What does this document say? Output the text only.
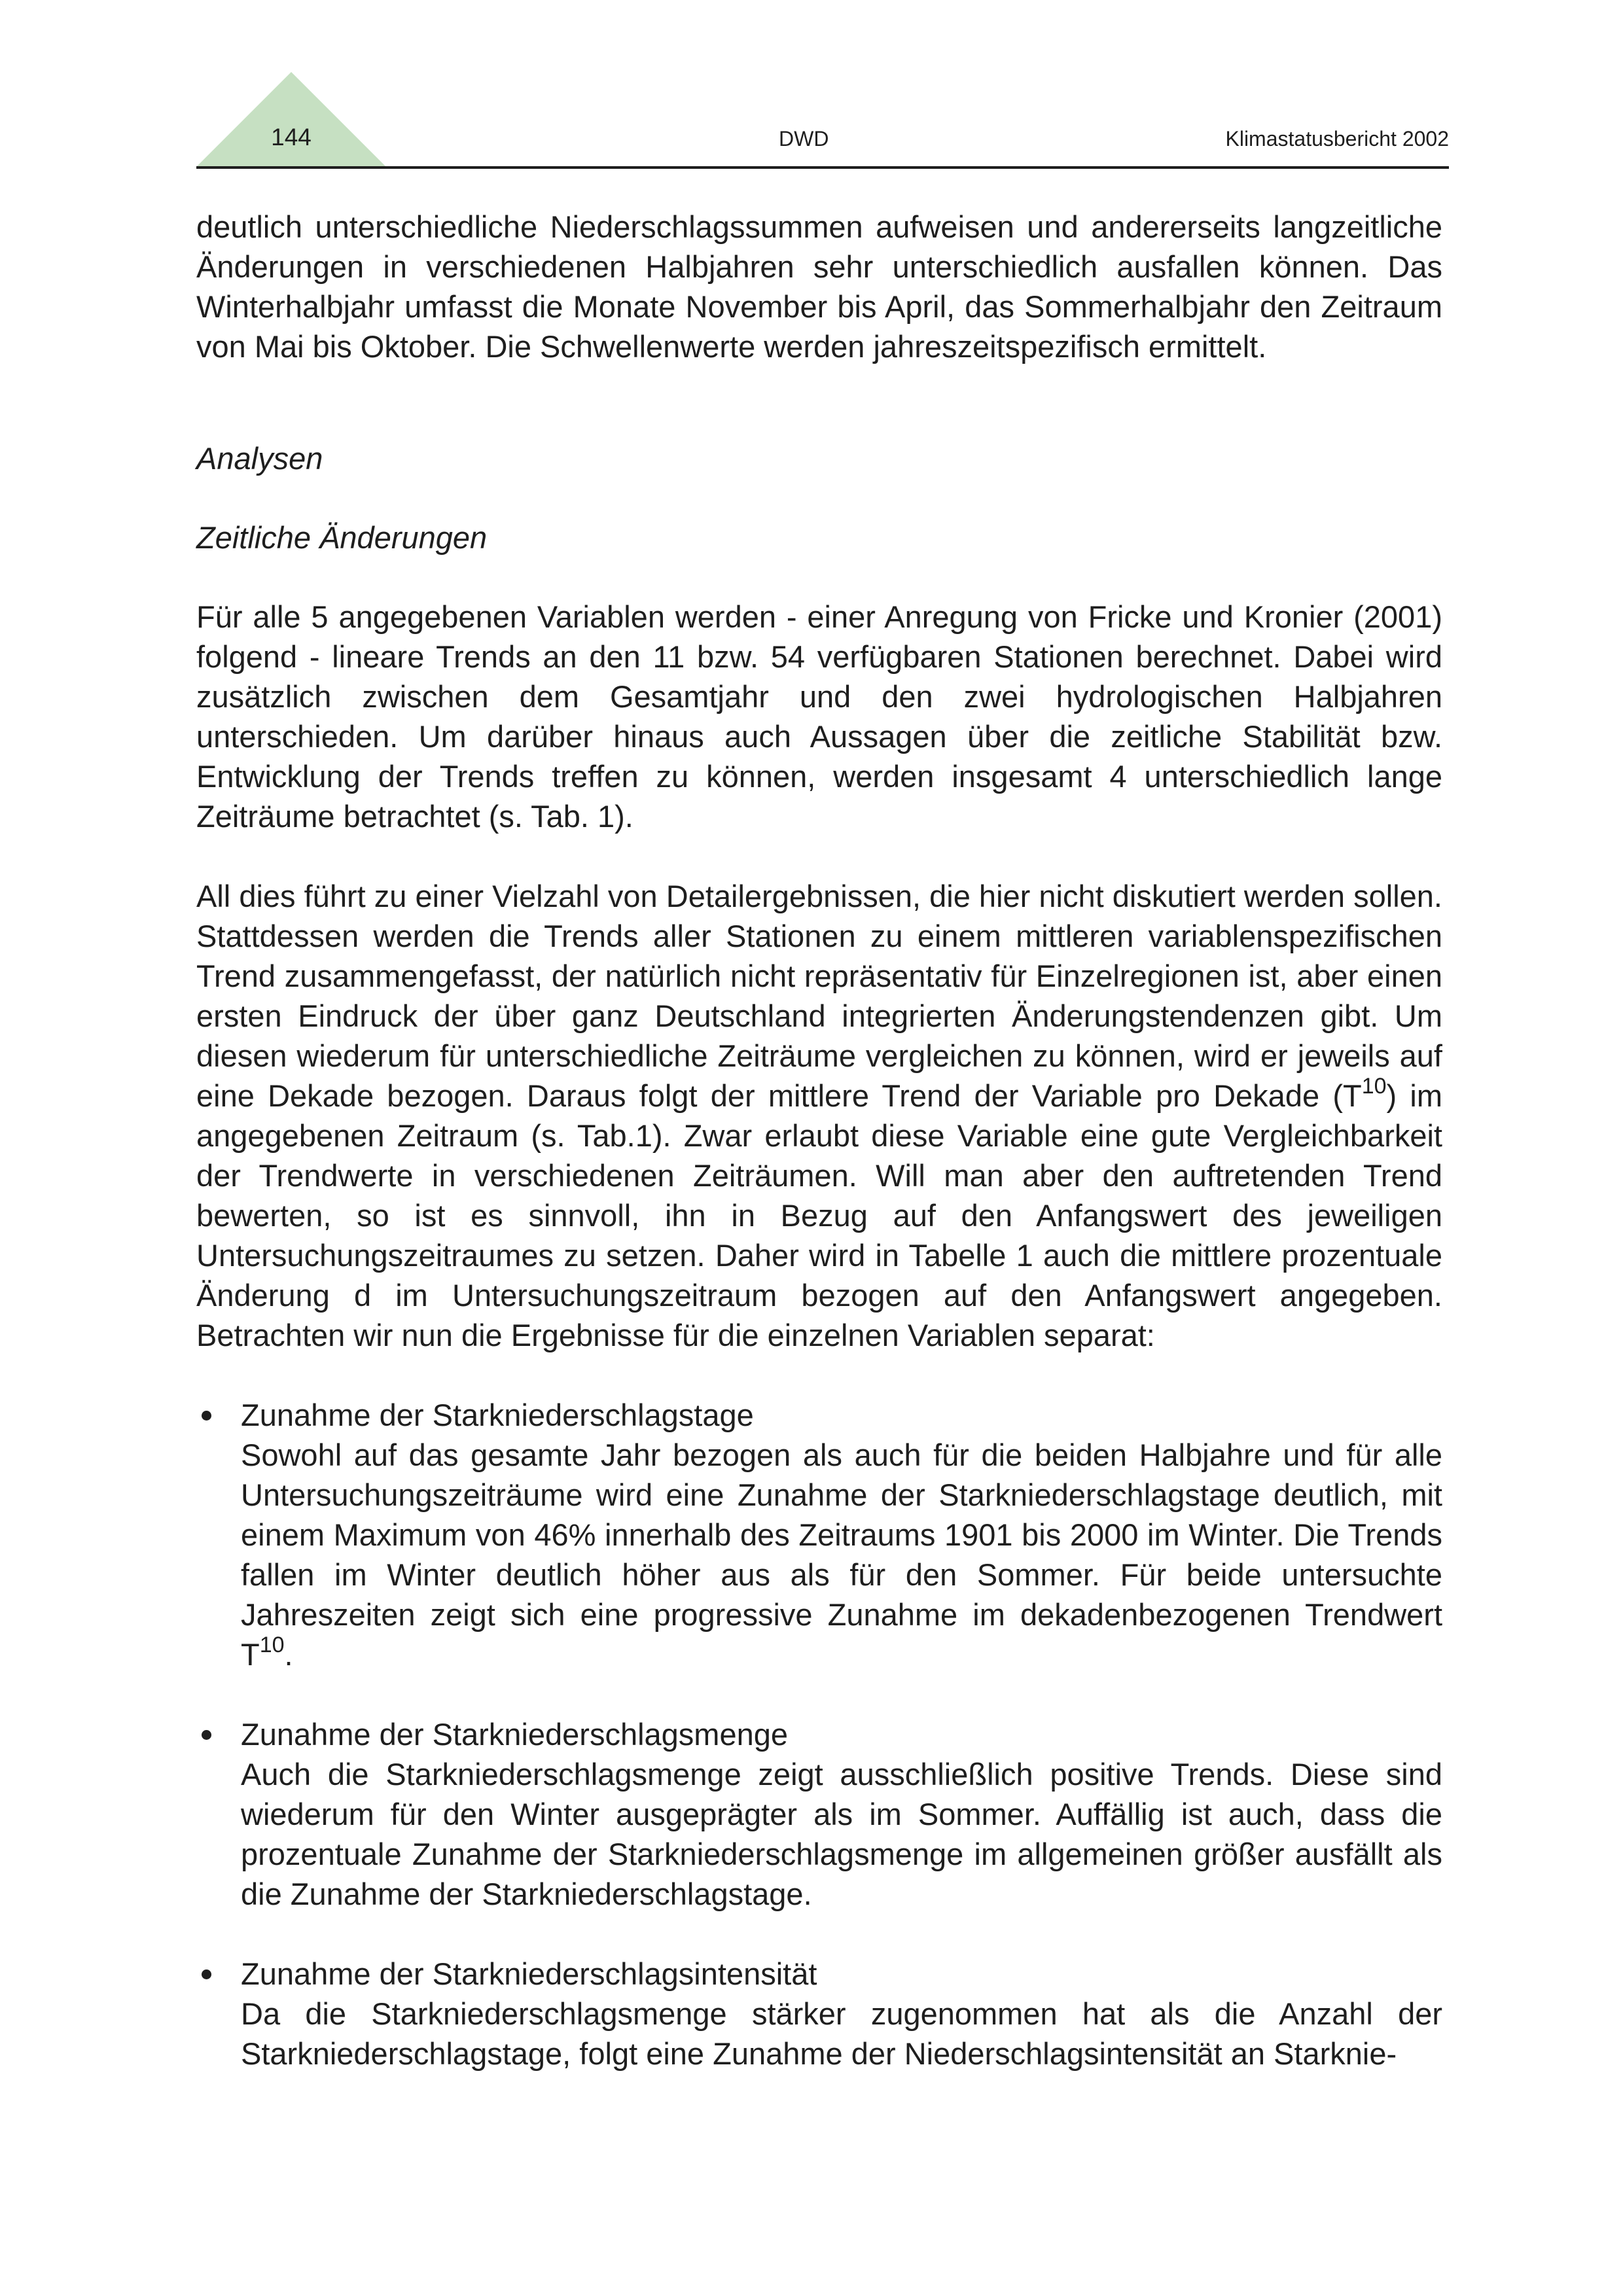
144	DWD	Klimastatusbericht 2002

deutlich unterschiedliche Niederschlagssummen aufweisen und andererseits langzeitliche Änderungen in verschiedenen Halbjahren sehr unterschiedlich ausfallen können. Das Winterhalbjahr umfasst die Monate November bis April, das Sommerhalbjahr den Zeitraum von Mai bis Oktober. Die Schwellenwerte werden jahreszeitspezifisch ermittelt.

Analysen

Zeitliche Änderungen

Für alle 5 angegebenen Variablen werden - einer Anregung von Fricke und Kronier (2001) folgend - lineare Trends an den 11 bzw. 54 verfügbaren Stationen berechnet. Dabei wird zusätzlich zwischen dem Gesamtjahr und den zwei hydrologischen Halbjahren unterschieden. Um darüber hinaus auch Aussagen über die zeitliche Stabilität bzw. Entwicklung der Trends treffen zu können, werden insgesamt 4 unterschiedlich lange Zeiträume betrachtet (s. Tab. 1).

All dies führt zu einer Vielzahl von Detailergebnissen, die hier nicht diskutiert werden sollen. Stattdessen werden die Trends aller Stationen zu einem mittleren variablenspezifischen Trend zusammengefasst, der natürlich nicht repräsentativ für Einzelregionen ist, aber einen ersten Eindruck der über ganz Deutschland integrierten Änderungstendenzen gibt. Um diesen wiederum für unterschiedliche Zeiträume vergleichen zu können, wird er jeweils auf eine Dekade bezogen. Daraus folgt der mittlere Trend der Variable pro Dekade $(T^{10})$ im angegebenen Zeitraum (s. Tab.1). Zwar erlaubt diese Variable eine gute Vergleichbarkeit der Trendwerte in verschiedenen Zeiträumen. Will man aber den auftretenden Trend bewerten, so ist es sinnvoll, ihn in Bezug auf den Anfangswert des jeweiligen Untersuchungszeitraumes zu setzen. Daher wird in Tabelle 1 auch die mittlere prozentuale Änderung d im Untersuchungszeitraum bezogen auf den Anfangswert angegeben. Betrachten wir nun die Ergebnisse für die einzelnen Variablen separat:

Zunahme der Starkniederschlagstage

Sowohl auf das gesamte Jahr bezogen als auch für die beiden Halbjahre und für alle Untersuchungszeiträume wird eine Zunahme der Starkniederschlagstage deutlich, mit einem Maximum von 46% innerhalb des Zeitraums 1901 bis 2000 im Winter. Die Trends fallen im Winter deutlich höher aus als für den Sommer. Für beide untersuchte Jahreszeiten zeigt sich eine progressive Zunahme im dekadenbezogenen Trendwert $T^{10}$.

Zunahme der Starkniederschlagsmenge

Auch die Starkniederschlagsmenge zeigt ausschließlich positive Trends. Diese sind wiederum für den Winter ausgeprägter als im Sommer. Auffällig ist auch, dass die prozentuale Zunahme der Starkniederschlagsmenge im allgemeinen größer ausfällt als die Zunahme der Starkniederschlagstage.

Zunahme der Starkniederschlagsintensität

Da die Starkniederschlagsmenge stärker zugenommen hat als die Anzahl der Starkniederschlagstage, folgt eine Zunahme der Niederschlagsintensität an Starknie-
